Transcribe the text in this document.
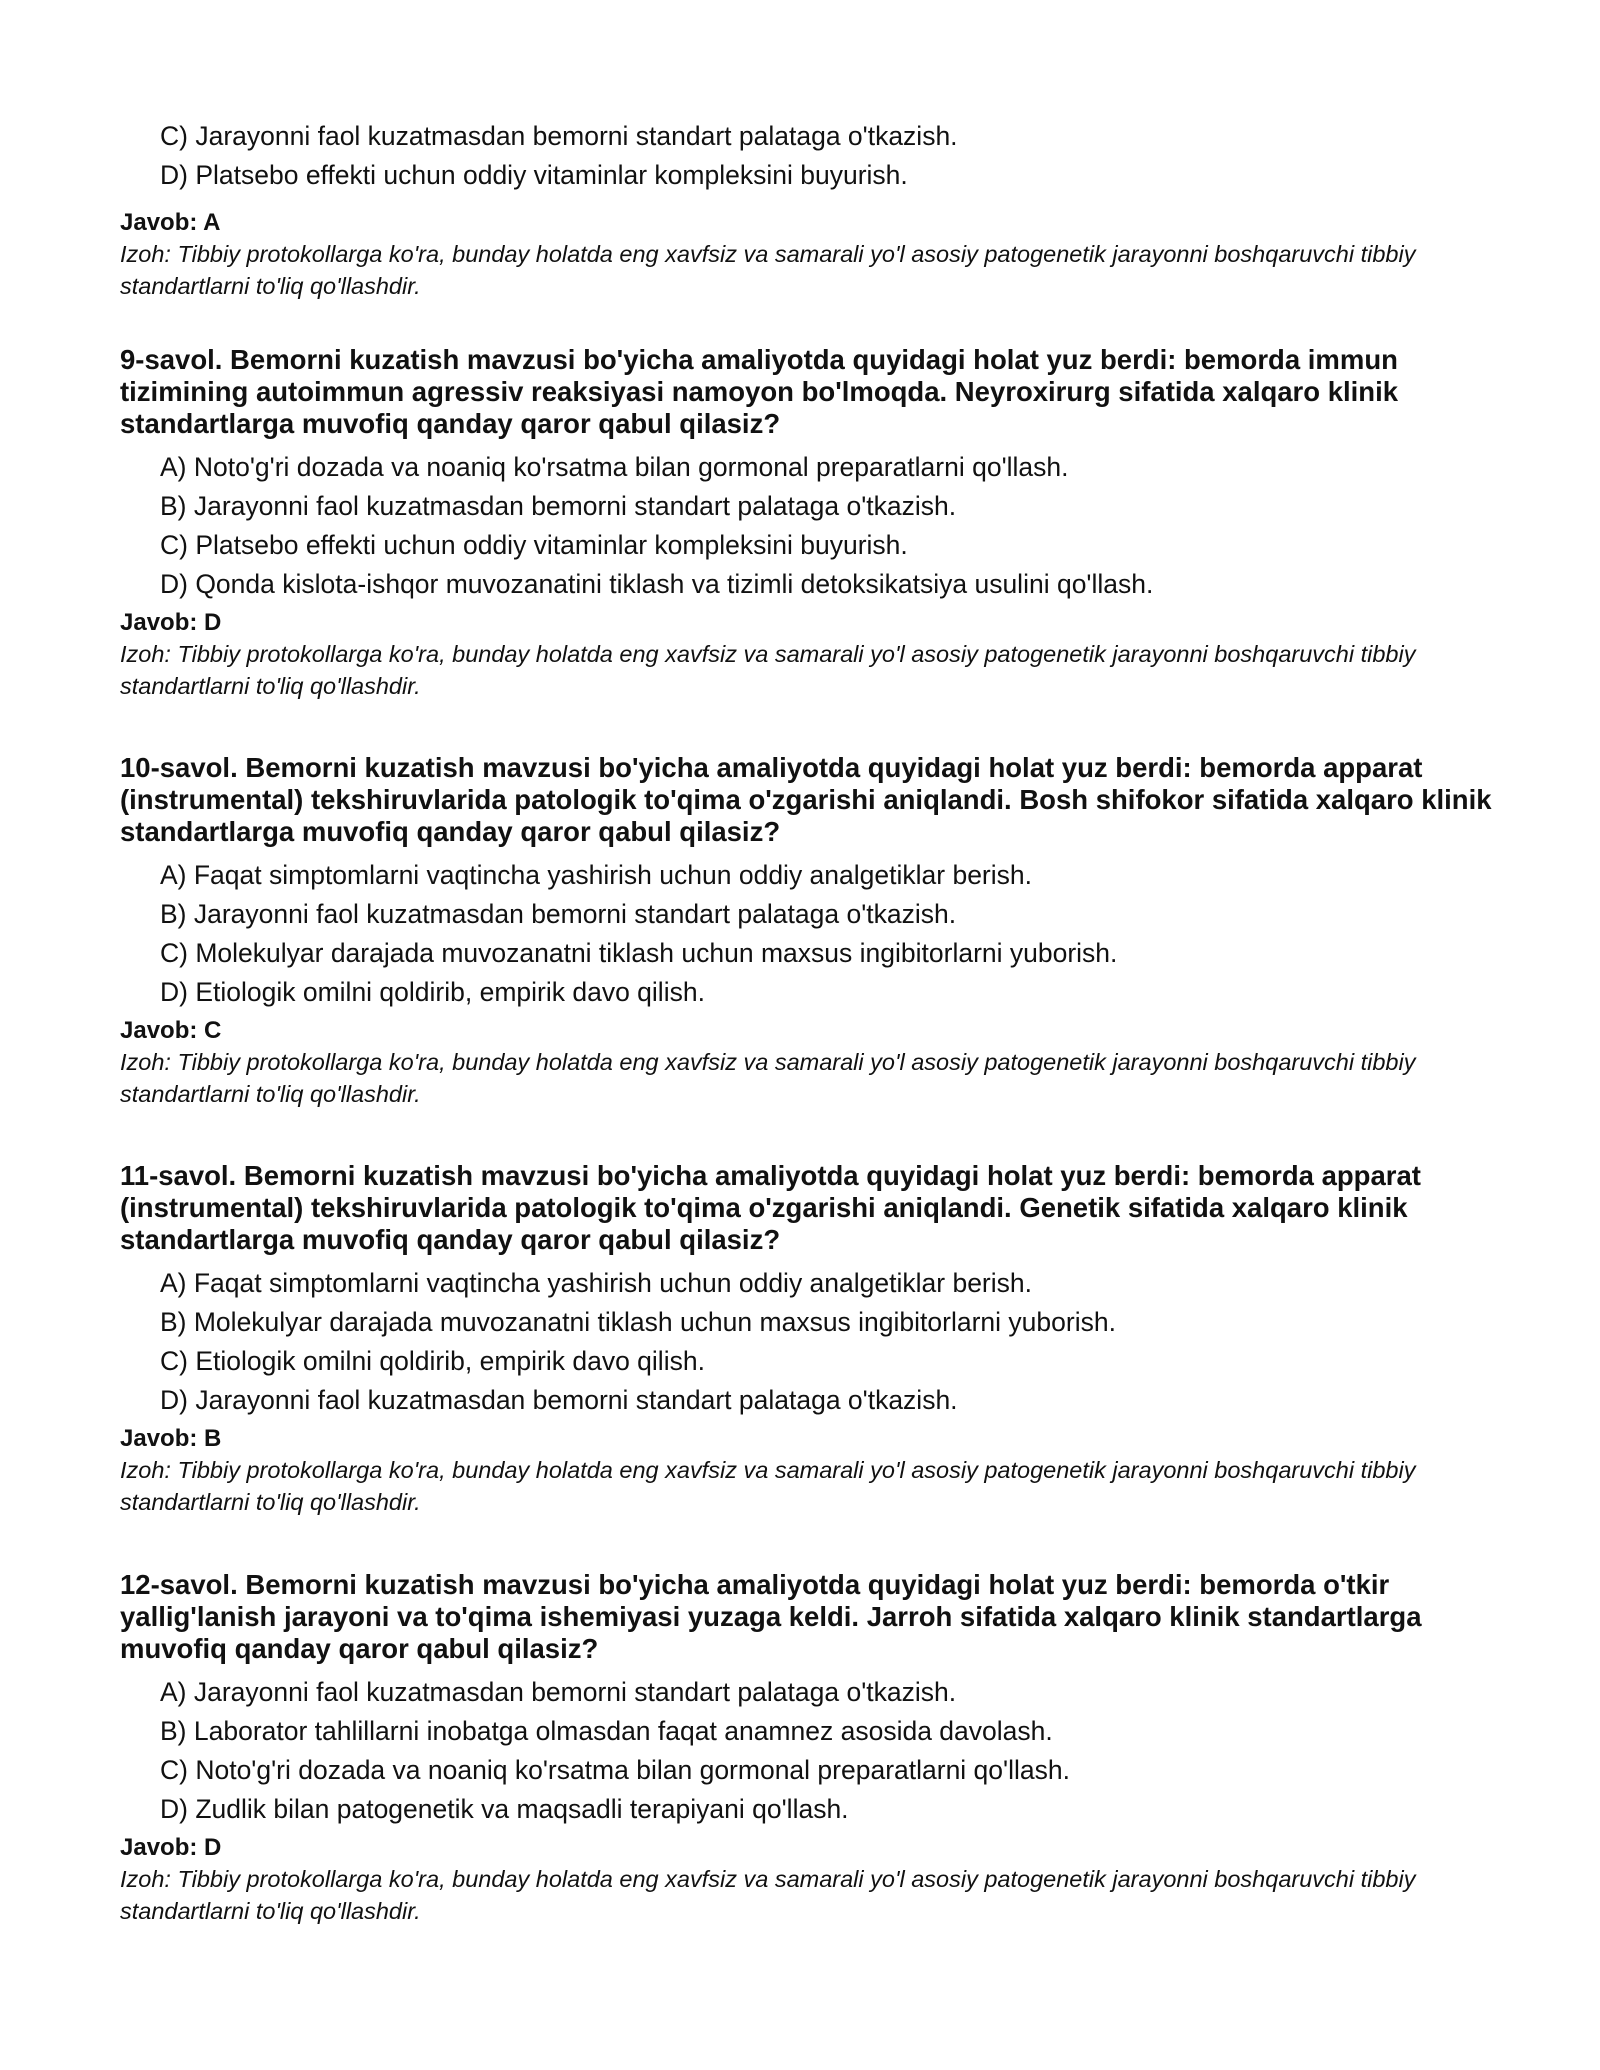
C) Jarayonni faol kuzatmasdan bemorni standart palataga o'tkazish.
D) Platsebo effekti uchun oddiy vitaminlar kompleksini buyurish.
Javob: A
Izoh: Tibbiy protokollarga ko'ra, bunday holatda eng xavfsiz va samarali yo'l asosiy patogenetik jarayonni boshqaruvchi tibbiy standartlarni to'liq qo'llashdir.
9-savol. Bemorni kuzatish mavzusi bo'yicha amaliyotda quyidagi holat yuz berdi: bemorda immun tizimining autoimmun agressiv reaksiyasi namoyon bo'lmoqda. Neyroxirurg sifatida xalqaro klinik standartlarga muvofiq qanday qaror qabul qilasiz?
A) Noto'g'ri dozada va noaniq ko'rsatma bilan gormonal preparatlarni qo'llash.
B) Jarayonni faol kuzatmasdan bemorni standart palataga o'tkazish.
C) Platsebo effekti uchun oddiy vitaminlar kompleksini buyurish.
D) Qonda kislota-ishqor muvozanatini tiklash va tizimli detoksikatsiya usulini qo'llash.
Javob: D
Izoh: Tibbiy protokollarga ko'ra, bunday holatda eng xavfsiz va samarali yo'l asosiy patogenetik jarayonni boshqaruvchi tibbiy standartlarni to'liq qo'llashdir.
10-savol. Bemorni kuzatish mavzusi bo'yicha amaliyotda quyidagi holat yuz berdi: bemorda apparat (instrumental) tekshiruvlarida patologik to'qima o'zgarishi aniqlandi. Bosh shifokor sifatida xalqaro klinik standartlarga muvofiq qanday qaror qabul qilasiz?
A) Faqat simptomlarni vaqtincha yashirish uchun oddiy analgetiklar berish.
B) Jarayonni faol kuzatmasdan bemorni standart palataga o'tkazish.
C) Molekulyar darajada muvozanatni tiklash uchun maxsus ingibitorlarni yuborish.
D) Etiologik omilni qoldirib, empirik davo qilish.
Javob: C
Izoh: Tibbiy protokollarga ko'ra, bunday holatda eng xavfsiz va samarali yo'l asosiy patogenetik jarayonni boshqaruvchi tibbiy standartlarni to'liq qo'llashdir.
11-savol. Bemorni kuzatish mavzusi bo'yicha amaliyotda quyidagi holat yuz berdi: bemorda apparat (instrumental) tekshiruvlarida patologik to'qima o'zgarishi aniqlandi. Genetik sifatida xalqaro klinik standartlarga muvofiq qanday qaror qabul qilasiz?
A) Faqat simptomlarni vaqtincha yashirish uchun oddiy analgetiklar berish.
B) Molekulyar darajada muvozanatni tiklash uchun maxsus ingibitorlarni yuborish.
C) Etiologik omilni qoldirib, empirik davo qilish.
D) Jarayonni faol kuzatmasdan bemorni standart palataga o'tkazish.
Javob: B
Izoh: Tibbiy protokollarga ko'ra, bunday holatda eng xavfsiz va samarali yo'l asosiy patogenetik jarayonni boshqaruvchi tibbiy standartlarni to'liq qo'llashdir.
12-savol. Bemorni kuzatish mavzusi bo'yicha amaliyotda quyidagi holat yuz berdi: bemorda o'tkir yallig'lanish jarayoni va to'qima ishemiyasi yuzaga keldi. Jarroh sifatida xalqaro klinik standartlarga muvofiq qanday qaror qabul qilasiz?
A) Jarayonni faol kuzatmasdan bemorni standart palataga o'tkazish.
B) Laborator tahlillarni inobatga olmasdan faqat anamnez asosida davolash.
C) Noto'g'ri dozada va noaniq ko'rsatma bilan gormonal preparatlarni qo'llash.
D) Zudlik bilan patogenetik va maqsadli terapiyani qo'llash.
Javob: D
Izoh: Tibbiy protokollarga ko'ra, bunday holatda eng xavfsiz va samarali yo'l asosiy patogenetik jarayonni boshqaruvchi tibbiy standartlarni to'liq qo'llashdir.
